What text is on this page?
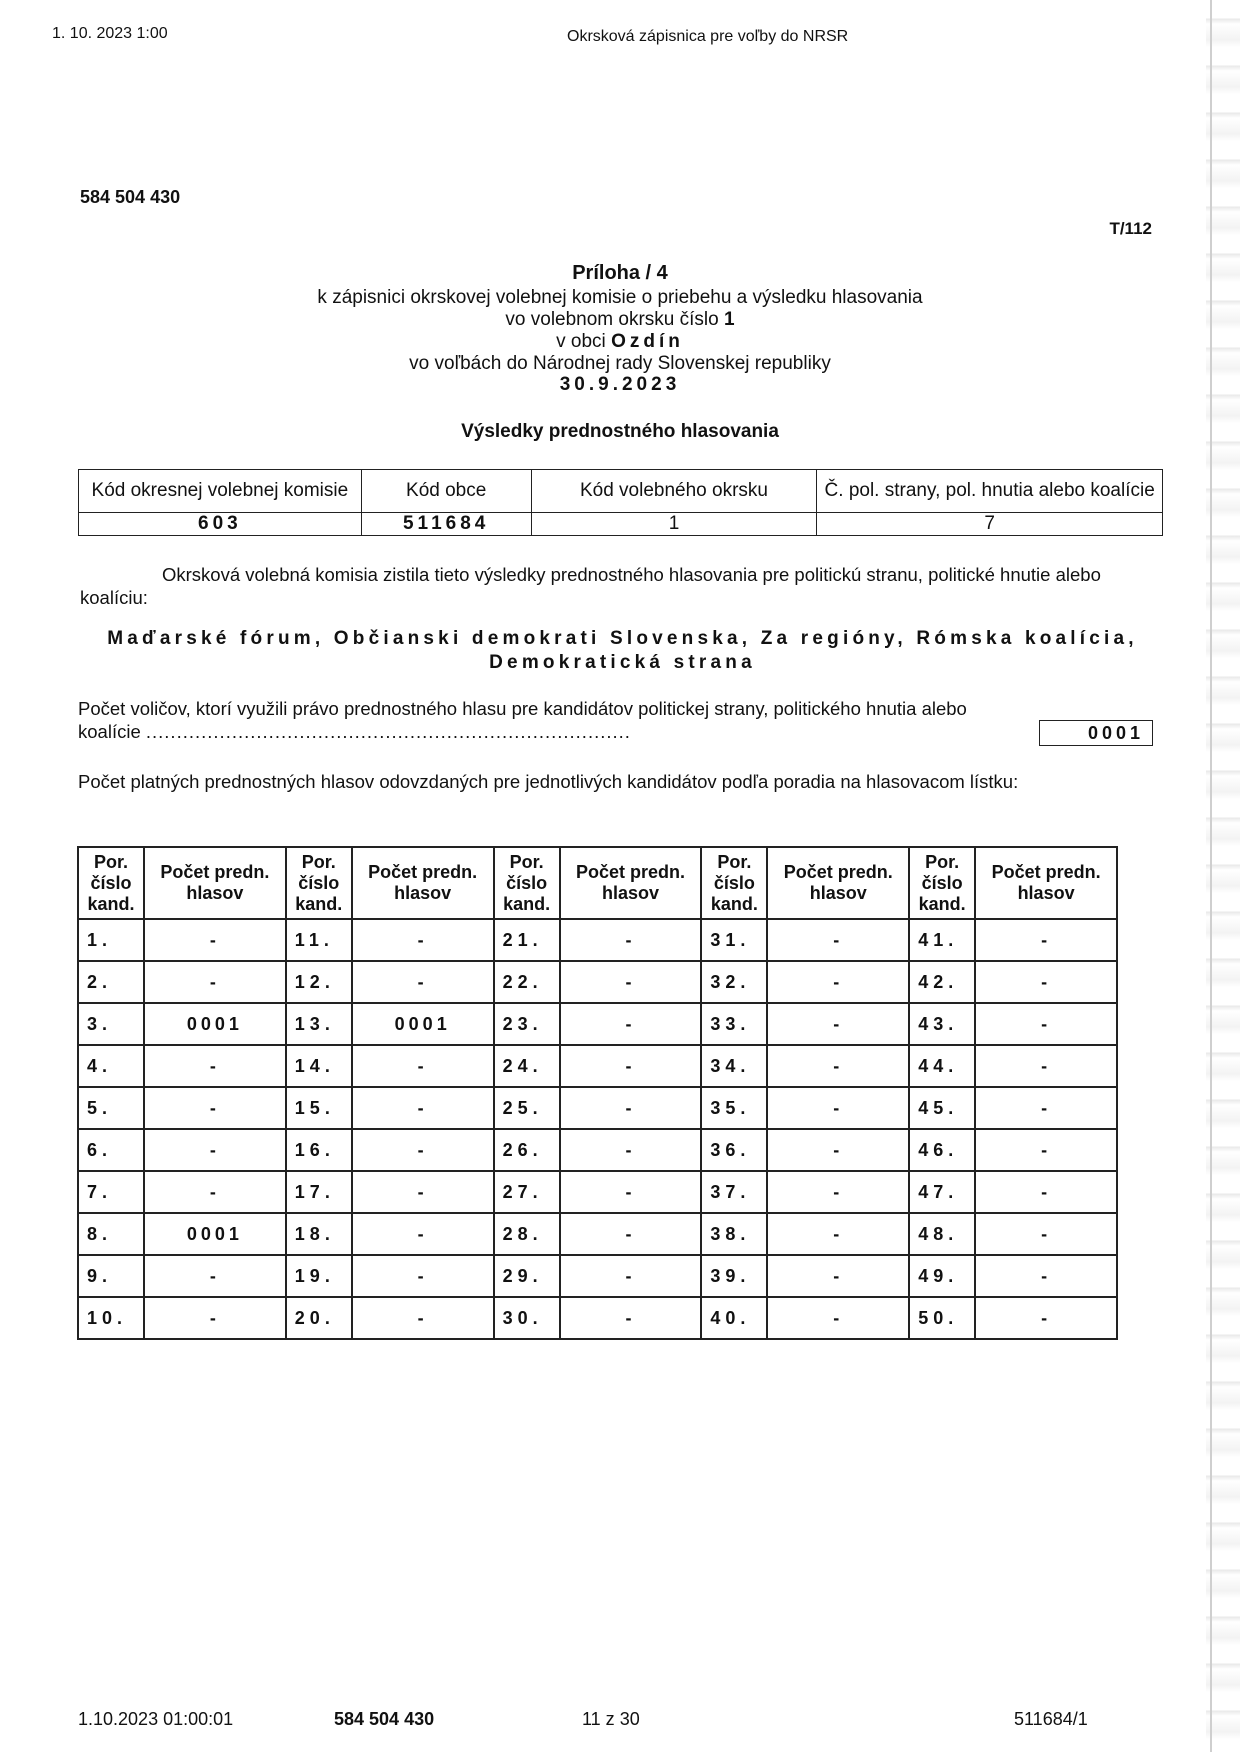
1. 10. 2023 1:00	Okrsková zápisnica pre voľby do NRSR
584 504 430
T/112
Príloha / 4
k zápisnici okrskovej volebnej komisie o priebehu a výsledku hlasovania
vo volebnom okrsku číslo 1
v obci Ozdín
vo voľbách do Národnej rady Slovenskej republiky
30.9.2023
Výsledky prednostného hlasovania
Kód okresnej volebnej komisie	Kód obce	Kód volebného okrsku	Č. pol. strany, pol. hnutia alebo koalície
603	511684	1	7
Okrsková volebná komisia zistila tieto výsledky prednostného hlasovania pre politickú stranu, politické hnutie alebo koalíciu:
Maďarské fórum, Občianski demokrati Slovenska, Za regióny, Rómska koalícia, Demokratická strana
Počet voličov, ktorí využili právo prednostného hlasu pre kandidátov politickej strany, politického hnutia alebo koalície ...............................................................................	0001
Počet platných prednostných hlasov odovzdaných pre jednotlivých kandidátov podľa poradia na hlasovacom lístku:
Por. číslo kand.	Počet predn. hlasov	Por. číslo kand.	Počet predn. hlasov	Por. číslo kand.	Počet predn. hlasov	Por. číslo kand.	Počet predn. hlasov	Por. číslo kand.	Počet predn. hlasov
1.	-	11.	-	21.	-	31.	-	41.	-
2.	-	12.	-	22.	-	32.	-	42.	-
3.	0001	13.	0001	23.	-	33.	-	43.	-
4.	-	14.	-	24.	-	34.	-	44.	-
5.	-	15.	-	25.	-	35.	-	45.	-
6.	-	16.	-	26.	-	36.	-	46.	-
7.	-	17.	-	27.	-	37.	-	47.	-
8.	0001	18.	-	28.	-	38.	-	48.	-
9.	-	19.	-	29.	-	39.	-	49.	-
10.	-	20.	-	30.	-	40.	-	50.	-
1.10.2023 01:00:01	584 504 430	11 z 30	511684/1
